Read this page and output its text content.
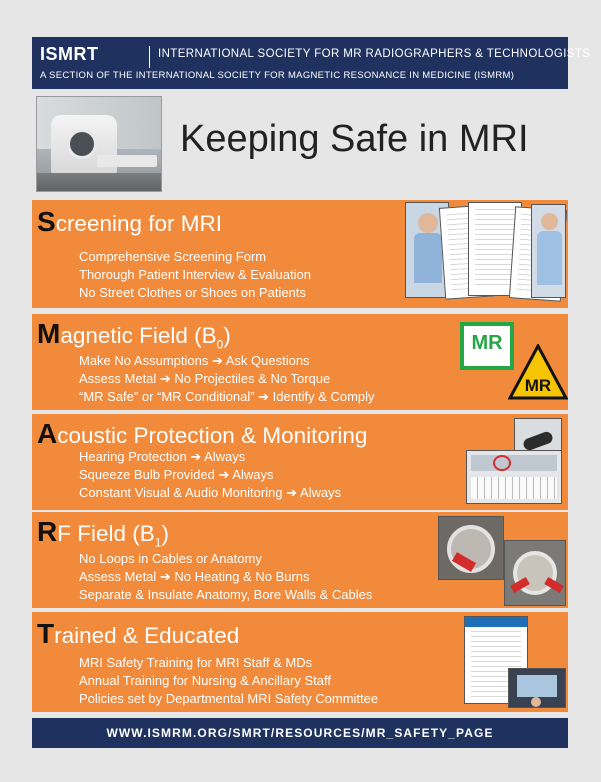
ISMRT	INTERNATIONAL SOCIETY FOR MR RADIOGRAPHERS & TECHNOLOGISTS
A SECTION OF THE INTERNATIONAL SOCIETY FOR MAGNETIC RESONANCE IN MEDICINE (ISMRM)
Keeping Safe in MRI
Screening for MRI
Comprehensive Screening Form
Thorough Patient Interview & Evaluation
No Street Clothes or Shoes on Patients
Magnetic Field $(B_0)$
Make No Assumptions ➔ Ask Questions
Assess Metal ➔ No Projectiles & No Torque
“MR Safe” or “MR Conditional” ➔ Identify & Comply
MR
MR
Acoustic Protection & Monitoring
Hearing Protection ➔ Always
Squeeze Bulb Provided ➔ Always
Constant Visual & Audio Monitoring ➔ Always
RF Field $(B_1)$
No Loops in Cables or Anatomy
Assess Metal ➔ No Heating & No Burns
Separate & Insulate Anatomy, Bore Walls & Cables
Trained & Educated
MRI Safety Training for MRI Staff & MDs
Annual Training for Nursing & Ancillary Staff
Policies set by Departmental MRI Safety Committee
WWW.ISMRM.ORG/SMRT/RESOURCES/MR_SAFETY_PAGE
